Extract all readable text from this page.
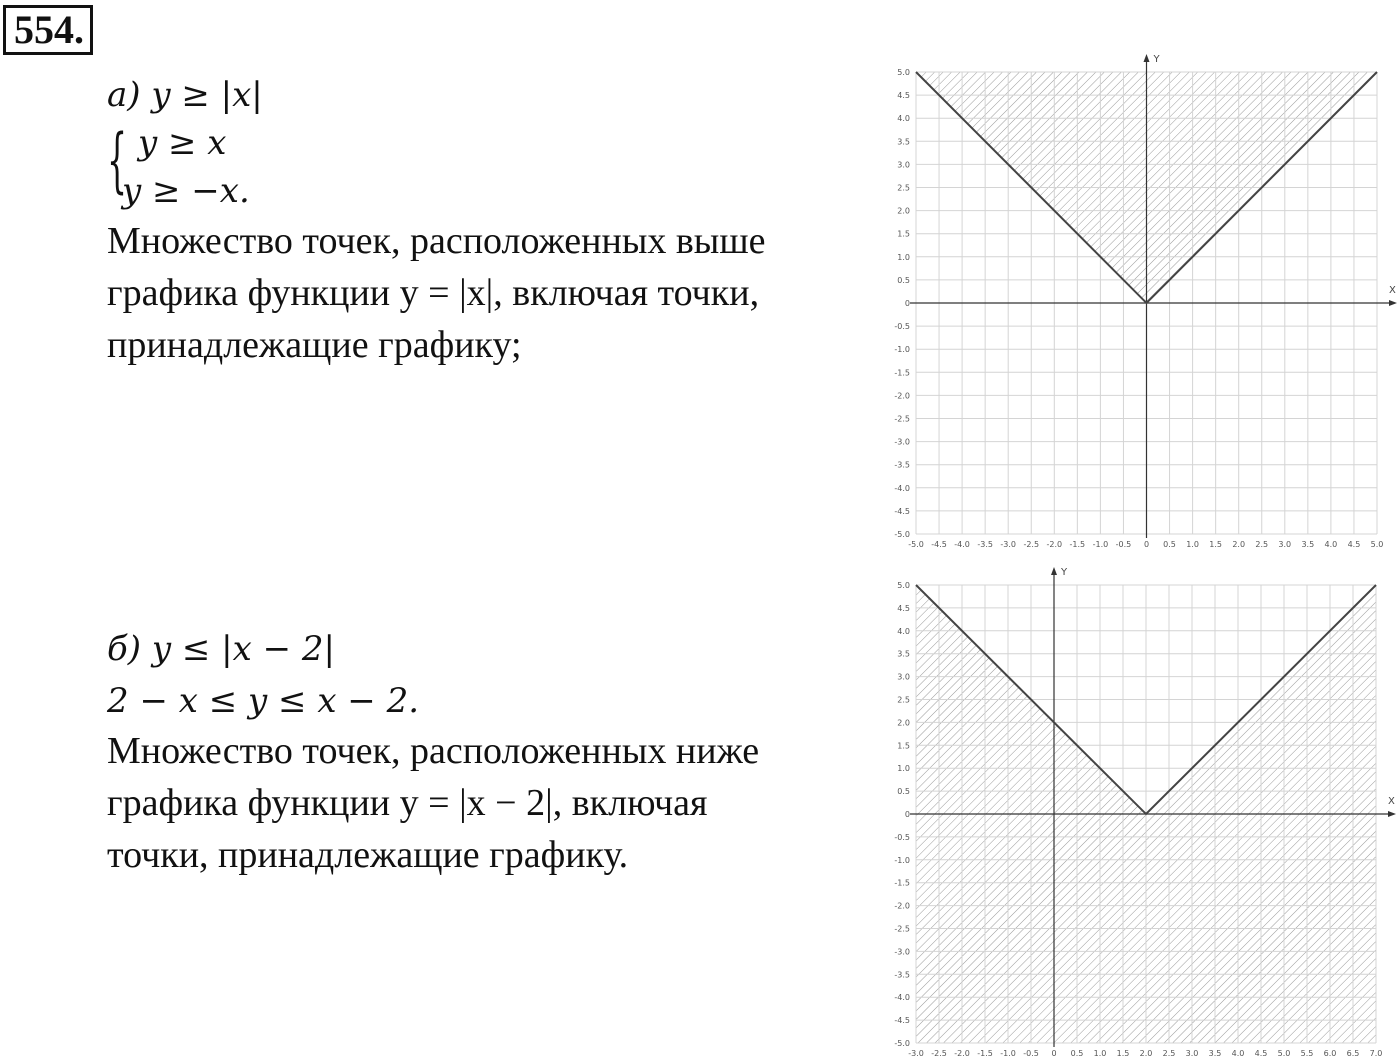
554.
а) y ≥ |x|
{ y ≥ x
y ≥ −x.
Множество точек, расположенных выше
графика функции y = |x|, включая точки,
принадлежащие графику;
б) y ≤ |x − 2|
2 − x ≤ y ≤ x − 2.
Множество точек, расположенных ниже
графика функции y = |x − 2|, включая
точки, принадлежащие графику.
X
Y
-5.0 -4.5 -4.0 -3.5 -3.0 -2.5 -2.0 -1.5 -1.0 -0.5 0 0.5 1.0 1.5 2.0 2.5 3.0 3.5 4.0 4.5 5.0
5.0
4.5
4.0
3.5
3.0
2.5
2.0
1.5
1.0
0.5
0
-0.5
-1.0
-1.5
-2.0
-2.5
-3.0
-3.5
-4.0
-4.5
-5.0
X
Y
-3.0 -2.5 -2.0 -1.5 -1.0 -0.5 0 0.5 1.0 1.5 2.0 2.5 3.0 3.5 4.0 4.5 5.0 5.5 6.0 6.5 7.0
5.0
4.5
4.0
3.5
3.0
2.5
2.0
1.5
1.0
0.5
0
-0.5
-1.0
-1.5
-2.0
-2.5
-3.0
-3.5
-4.0
-4.5
-5.0
